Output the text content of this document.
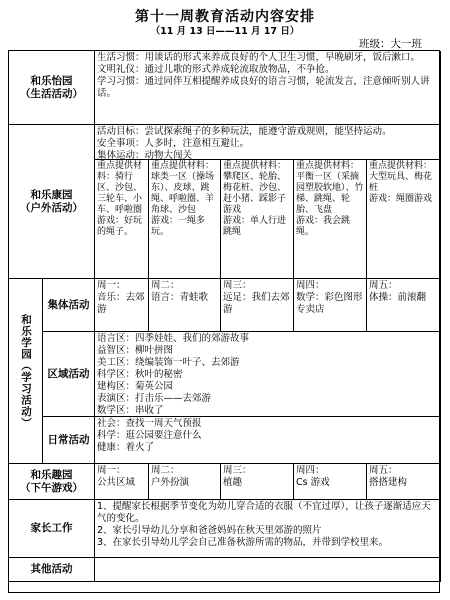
第十一周教育活动内容安排
（11 月 13 日——11 月 17 日）
班级：大一班
和乐怡园
（生活活动）
生活习惯：用谈话的形式来养成良好的个人卫生习惯，早晚刷牙，饭后漱口。
文明礼仪：通过儿歌的形式养成轮流取放物品，不争抢。
学习习惯：通过同伴互相提醒养成良好的语言习惯，轮流发言，注意倾听别人讲话。
和乐康园
（户外活动）
活动目标：尝试探索绳子的多种玩法，能遵守游戏规则，能坚持运动。
安全事项：人多时，注意相互避让。
集体运动：动物大闯关
重点提供材料：骑行区、沙包、三轮车、小车、呼啦圈
游戏：好玩的绳子。
重点提供材料：球类一区（操场东）、皮球、跳绳、呼啦圈、羊角球、沙包
游戏：一绳多玩。
重点提供材料：攀爬区、轮胎、梅花桩、沙包、赶小猪、踩影子游戏
游戏：单人行进跳绳
重点提供材料：平衡一区（采摘园塑胶软地）、竹梯、跳绳、轮胎、飞盘
游戏：我会跳绳。
重点提供材料：大型玩具、梅花桩
游戏：绳圈游戏
和乐学园（学习活动）
集体活动
周一：
音乐：去郊游
周二：
语言：青蛙歌
周三：
远足：我们去郊游
周四：
数学：彩色图形专卖店
周五：
体操：前滚翻
区域活动
语言区：四季娃娃、我们的郊游故事
益智区：柳叶拼图
美工区：绕编装饰一叶子、去郊游
科学区：秋叶的秘密
建构区：菊英公园
表演区：打击乐——去郊游
数学区：串收了
日常活动
社会：查找一周天气预报
科学：逛公园要注意什么
健康：着火了
和乐趣园
（下午游戏）
周一：
公共区域
周二：
户外扮演
周三：
植趣
周四：
Cs 游戏
周五：
搭搭建构
家长工作
1、提醒家长根据季节变化为幼儿穿合适的衣服（不宜过厚），让孩子逐渐适应天气的变化。
2、家长引导幼儿分享和爸爸妈妈在秋天里郊游的照片
3、在家长引导幼儿学会自己准备秋游所需的物品，并带到学校里来。
其他活动
